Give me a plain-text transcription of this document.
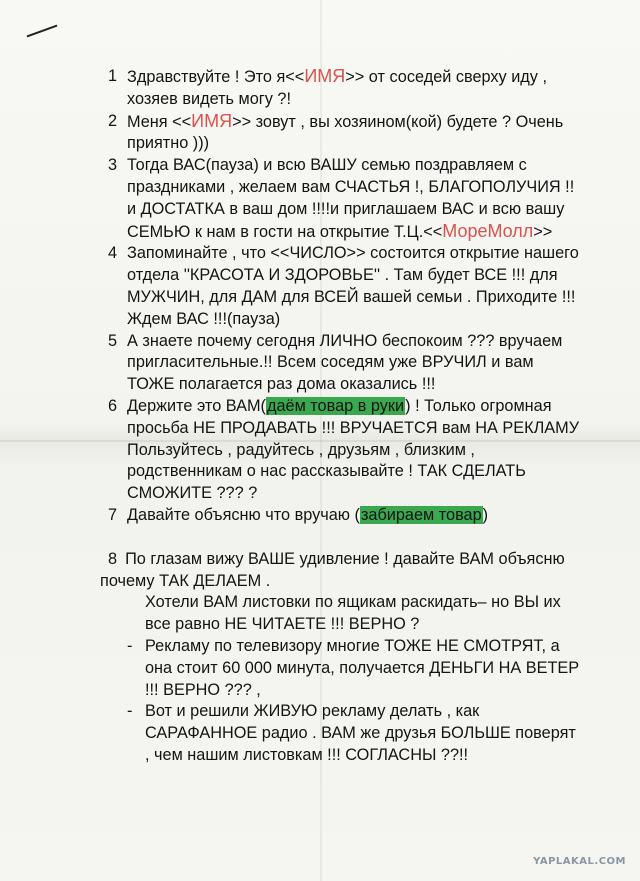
1 Здравствуйте ! Это я<<ИМЯ>> от соседей сверху иду , хозяев видеть могу ?!
2 Меня <<ИМЯ>> зовут , вы хозяином(кой) будете ? Очень приятно )))
3 Тогда ВАС(пауза) и всю ВАШУ семью поздравляем с праздниками , желаем вам СЧАСТЬЯ !, БЛАГОПОЛУЧИЯ !! и ДОСТАТКА в ваш дом !!!!и приглашаем ВАС и всю вашу СЕМЬЮ к нам в гости на открытие Т.Ц.<<МореМолл>>
4 Запоминайте , что <<ЧИСЛО>> состоится открытие нашего отдела ''КРАСОТА И ЗДОРОВЬЕ'' . Там будет ВСЕ !!! для МУЖЧИН, для ДАМ для ВСЕЙ вашей семьи . Приходите !!! Ждем ВАС !!!(пауза)
5 А знаете почему сегодня ЛИЧНО беспокоим ??? вручаем пригласительные.!! Всем соседям уже ВРУЧИЛ и вам ТОЖЕ полагается раз дома оказались !!!
6 Держите это ВАМ(даём товар в руки) ! Только огромная просьба НЕ ПРОДАВАТЬ !!! ВРУЧАЕТСЯ вам НА РЕКЛАМУ Пользуйтесь , радуйтесь , друзьям , близким , родственникам о нас рассказывайте ! ТАК СДЕЛАТЬ СМОЖИТЕ ??? ?
7 Давайте объясню что вручаю (забираем товар)
8 По глазам вижу ВАШЕ удивление ! давайте ВАМ объясню почему ТАК ДЕЛАЕМ .
Хотели ВАМ листовки по ящикам раскидать– но ВЫ их все равно НЕ ЧИТАЕТЕ !!! ВЕРНО ?
- Рекламу по телевизору многие ТОЖЕ НЕ СМОТРЯТ, а она стоит 60 000 минута, получается ДЕНЬГИ НА ВЕТЕР !!! ВЕРНО ??? ,
- Вот и решили ЖИВУЮ рекламу делать , как САРАФАННОЕ радио . ВАМ же друзья БОЛЬШЕ поверят , чем нашим листовкам !!! СОГЛАСНЫ ??!!
YAPLAKAL.COM
